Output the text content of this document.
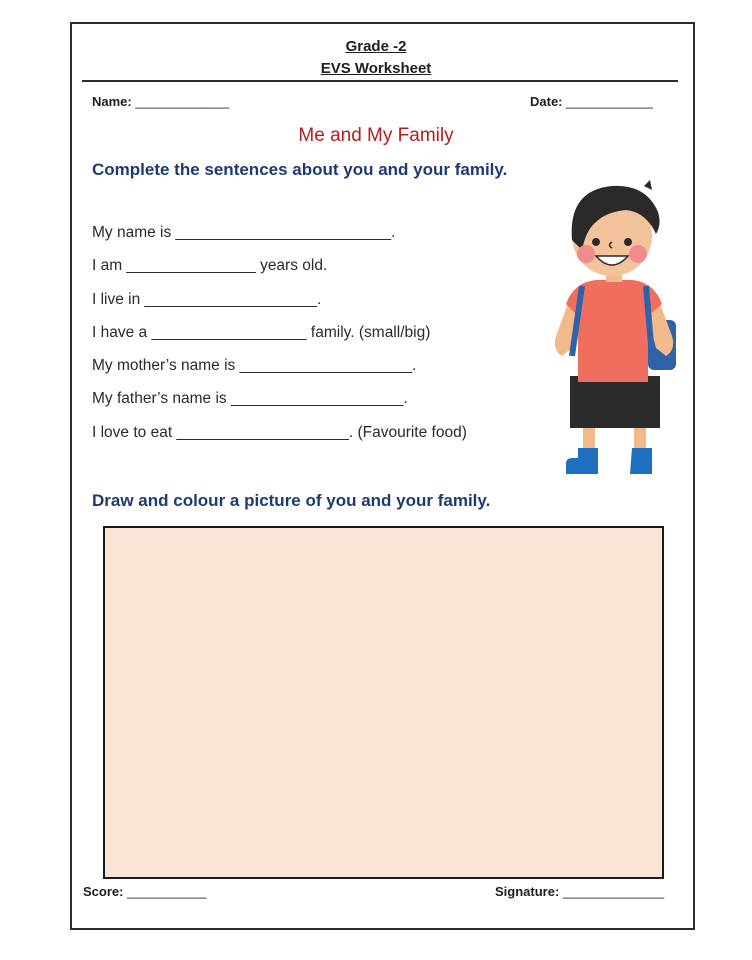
Grade -2
EVS Worksheet
Name: _____________	Date: ____________
Me and My Family
Complete the sentences about you and your family.
My name is _________________________.
I am _______________ years old.
I live in ____________________.
I have a __________________ family. (small/big)
My mother’s name is ____________________.
My father’s name is ____________________.
I love to eat ____________________. (Favourite food)
Draw and colour a picture of you and your family.
Score: ___________	Signature: ______________
